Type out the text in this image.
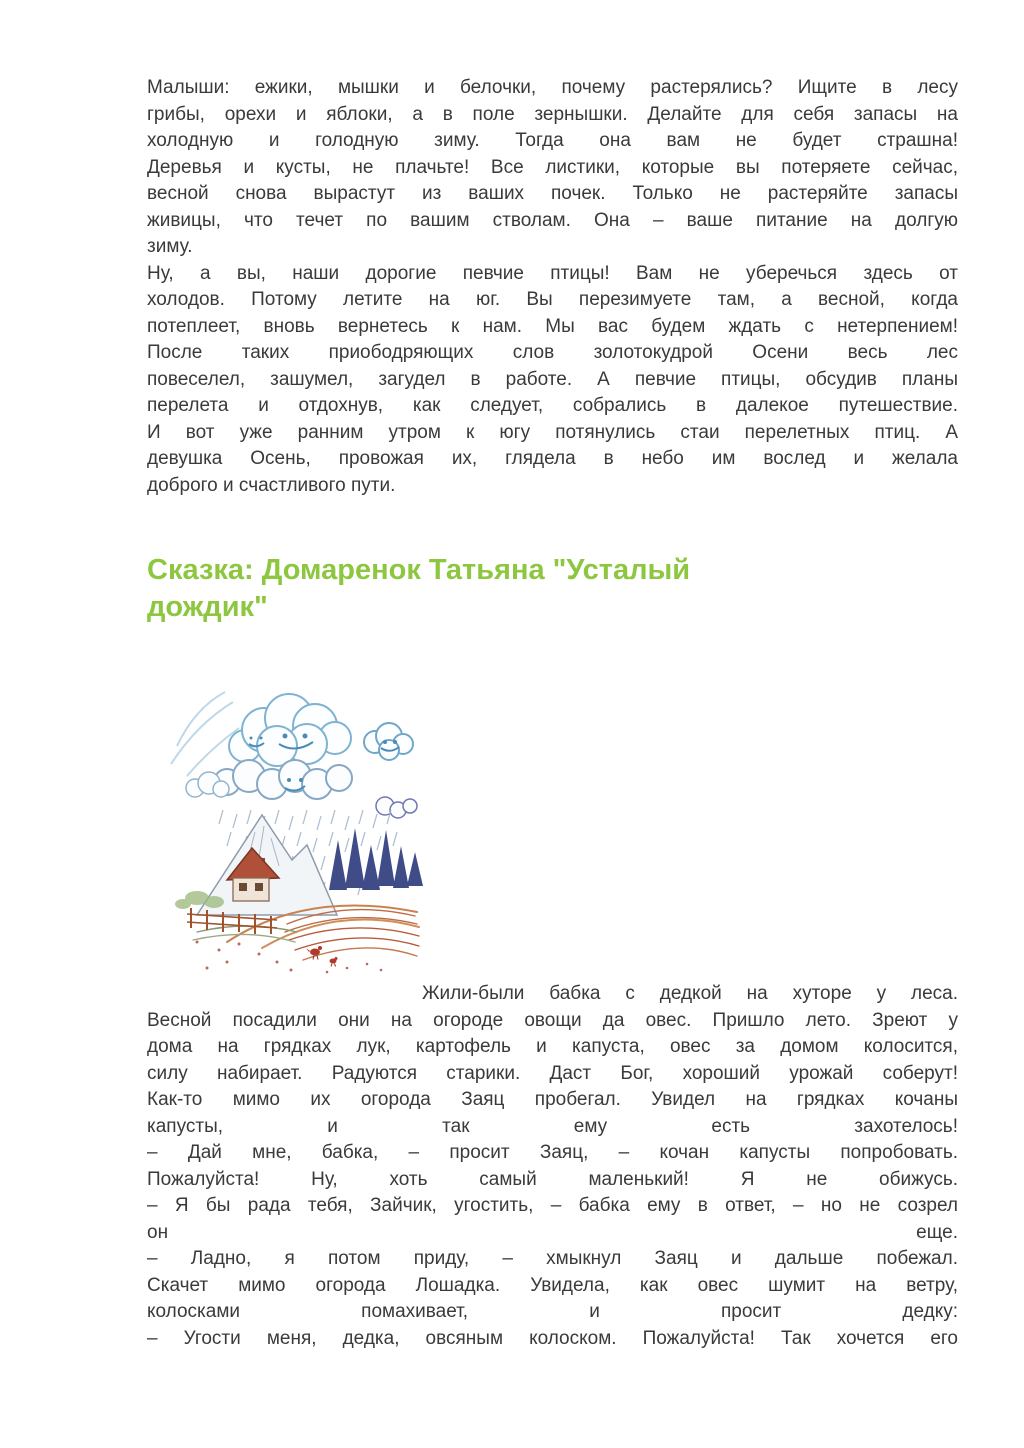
Малыши: ежики, мышки и белочки, почему растерялись? Ищите в лесу
грибы, орехи и яблоки, а в поле зернышки. Делайте для себя запасы на
холодную и голодную зиму. Тогда она вам не будет страшна!
Деревья и кусты, не плачьте! Все листики, которые вы потеряете сейчас,
весной снова вырастут из ваших почек. Только не растеряйте запасы
живицы, что течет по вашим стволам. Она – ваше питание на долгую
зиму.
Ну, а вы, наши дорогие певчие птицы! Вам не уберечься здесь от
холодов. Потому летите на юг. Вы перезимуете там, а весной, когда
потеплеет, вновь вернетесь к нам. Мы вас будем ждать с нетерпением!
После таких приободряющих слов золотокудрой Осени весь лес
повеселел, зашумел, загудел в работе. А певчие птицы, обсудив планы
перелета и отдохнув, как следует, собрались в далекое путешествие.
И вот уже ранним утром к югу потянулись стаи перелетных птиц. А
девушка Осень, провожая их, глядела в небо им вослед и желала
доброго и счастливого пути.
Сказка: Домаренок Татьяна "Усталый
дождик"
Жили-были бабка с дедкой на хуторе у леса.
Весной посадили они на огороде овощи да овес. Пришло лето. Зреют у
дома на грядках лук, картофель и капуста, овес за домом колосится,
силу набирает. Радуются старики. Даст Бог, хороший урожай соберут!
Как-то мимо их огорода Заяц пробегал. Увидел на грядках кочаны
капусты, и так ему есть захотелось!
– Дай мне, бабка, – просит Заяц, – кочан капусты попробовать.
Пожалуйста! Ну, хоть самый маленький! Я не обижусь.
– Я бы рада тебя, Зайчик, угостить, – бабка ему в ответ, – но не созрел
он еще.
– Ладно, я потом приду, – хмыкнул Заяц и дальше побежал.
Скачет мимо огорода Лошадка. Увидела, как овес шумит на ветру,
колосками помахивает, и просит дедку:
– Угости меня, дедка, овсяным колоском. Пожалуйста! Так хочется его
